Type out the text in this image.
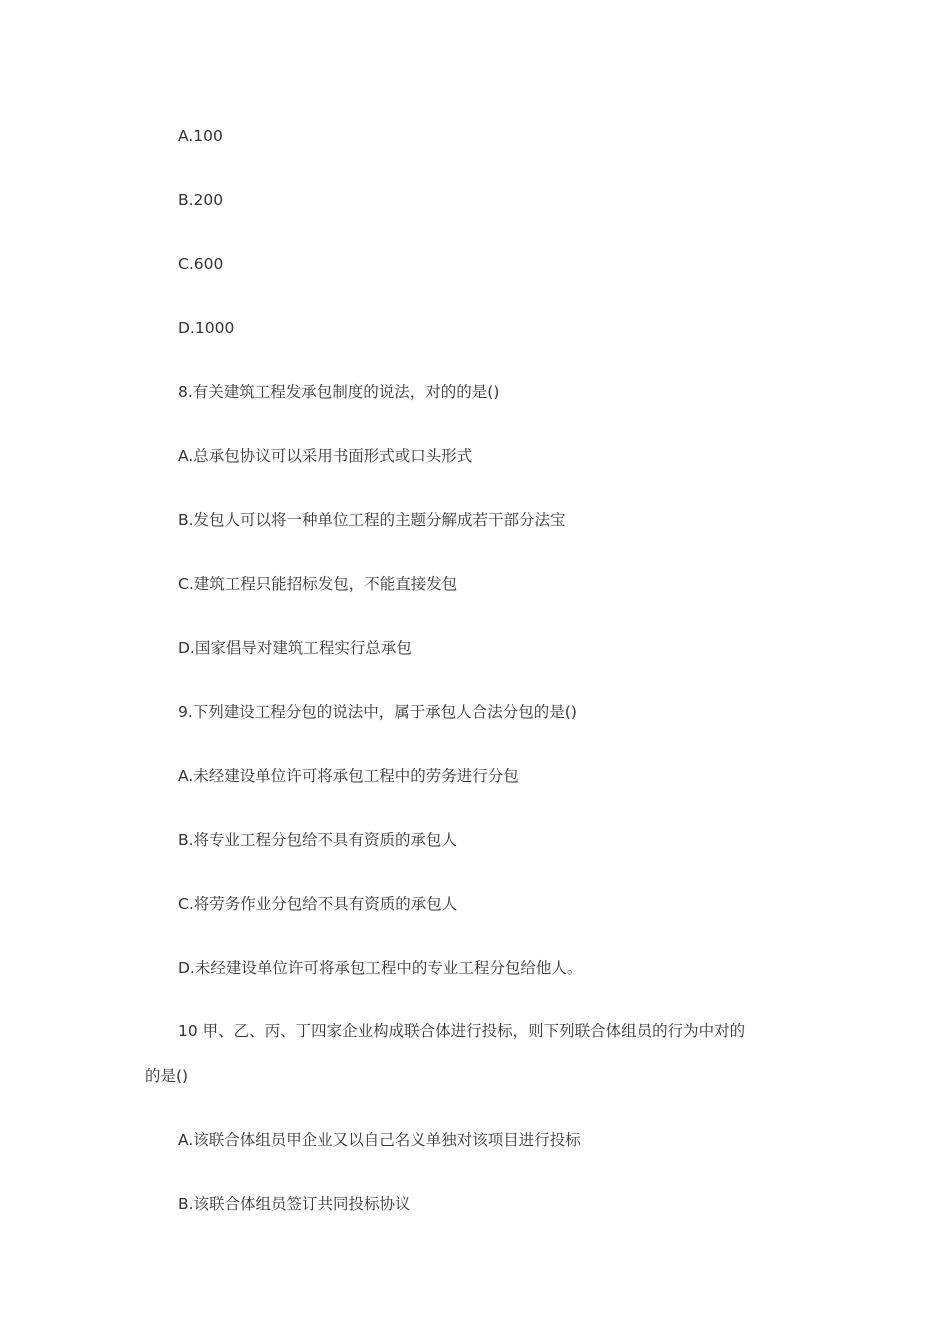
A.100

B.200

C.600

D.1000

8.有关建筑工程发承包制度的说法，对的的是()

A.总承包协议可以采用书面形式或口头形式

B.发包人可以将一种单位工程的主题分解成若干部分法宝

C.建筑工程只能招标发包，不能直接发包

D.国家倡导对建筑工程实行总承包

9.下列建设工程分包的说法中，属于承包人合法分包的是()

A.未经建设单位许可将承包工程中的劳务进行分包

B.将专业工程分包给不具有资质的承包人

C.将劳务作业分包给不具有资质的承包人

D.未经建设单位许可将承包工程中的专业工程分包给他人。

10 甲、乙、丙、丁四家企业构成联合体进行投标，则下列联合体组员的行为中对的

的是()

A.该联合体组员甲企业又以自己名义单独对该项目进行投标

B.该联合体组员签订共同投标协议
